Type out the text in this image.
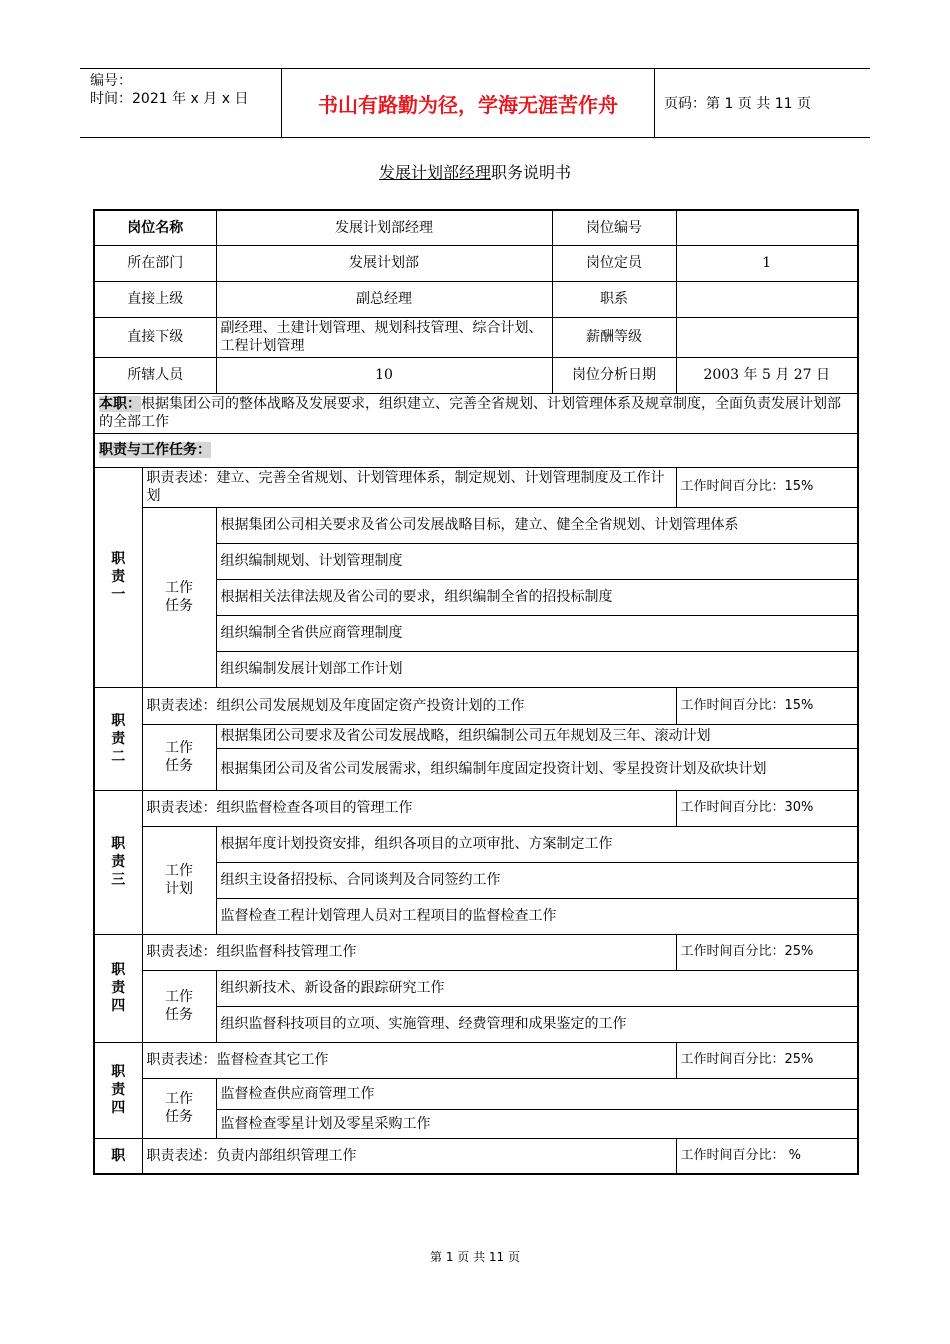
编号：
时间：2021 年 x 月 x 日	书山有路勤为径，学海无涯苦作舟	页码：第 1 页 共 11 页
发展计划部经理职务说明书
岗位名称		发展计划部经理	岗位编号	
所在部门		发展计划部	岗位定员	1
直接上级		副总经理	职系	
直接下级		副经理、土建计划管理、规划科技管理、综合计划、工程计划管理	薪酬等级	
所辖人员		10	岗位分析日期	2003 年 5 月 27 日
本职：根据集团公司的整体战略及发展要求，组织建立、完善全省规划、计划管理体系及规章制度，全面负责发展计划部的全部工作				
职责与工作任务：				

职
责
一	职责表述：建立、完善全省规划、计划管理体系，制定规划、计划管理制度及工作计划			工作时间百分比：15%

	工作
任务	根据集团公司相关要求及省公司发展战略目标，建立、健全全省规划、计划管理体系		
		组织编制规划、计划管理制度		
		根据相关法律法规及省公司的要求，组织编制全省的招投标制度		
		组织编制全省供应商管理制度		
		组织编制发展计划部工作计划		

职
责
二	职责表述：组织公司发展规划及年度固定资产投资计划的工作			工作时间百分比：15%

	工作
任务	根据集团公司要求及省公司发展战略，组织编制公司五年规划及三年、滚动计划		
		根据集团公司及省公司发展需求，组织编制年度固定投资计划、零星投资计划及砍块计划		

职
责
三	职责表述：组织监督检查各项目的管理工作			工作时间百分比：30%

	工作
计划	根据年度计划投资安排，组织各项目的立项审批、方案制定工作		
		组织主设备招投标、合同谈判及合同签约工作		
		监督检查工程计划管理人员对工程项目的监督检查工作		

职
责
四	职责表述：组织监督科技管理工作			工作时间百分比：25%

	工作
任务	组织新技术、新设备的跟踪研究工作		
		组织监督科技项目的立项、实施管理、经费管理和成果鉴定的工作		

职
责
四	职责表述：监督检查其它工作			工作时间百分比：25%

	工作
任务	监督检查供应商管理工作		
		监督检查零星计划及零星采购工作		

职	职责表述：负责内部组织管理工作			工作时间百分比： %
第 1 页 共 11 页
